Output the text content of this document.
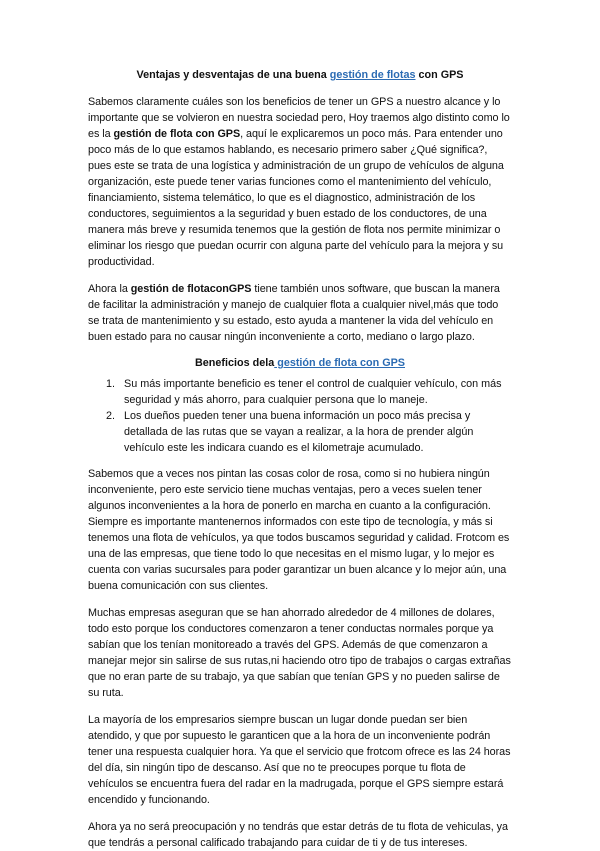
Ventajas y desventajas de una buena gestión de flotas con GPS

Sabemos claramente cuáles son los beneficios de tener un GPS a nuestro alcance y lo importante que se volvieron en nuestra sociedad pero, Hoy traemos algo distinto como lo es la gestión de flota con GPS, aquí le explicaremos un poco más. Para entender uno poco más de lo que estamos hablando, es necesario primero saber ¿Qué significa?, pues este se trata de una logística y administración de un grupo de vehículos de alguna organización, este puede tener varias funciones como el mantenimiento del vehículo, financiamiento, sistema telemático, lo que es el diagnostico, administración de los conductores, seguimientos a la seguridad y buen estado de los conductores, de una manera más breve y resumida tenemos que la gestión de flota nos permite minimizar o eliminar los riesgo que puedan ocurrir con alguna parte del vehículo para la mejora y su productividad.

Ahora la gestión de flotaconGPS tiene también unos software, que buscan la manera de facilitar la administración y manejo de cualquier flota a cualquier nivel,más que todo se trata de mantenimiento y su estado, esto ayuda a mantener la vida del vehículo en buen estado para no causar ningún inconveniente a corto, mediano o largo plazo.

Beneficios dela gestión de flota con GPS
1. Su más importante beneficio es tener el control de cualquier vehículo, con más seguridad y más ahorro, para cualquier persona que lo maneje.
2. Los dueños pueden tener una buena información un poco más precisa y detallada de las rutas que se vayan a realizar, a la hora de prender algún vehículo este les indicara cuando es el kilometraje acumulado.

Sabemos que a veces nos pintan las cosas color de rosa, como si no hubiera ningún inconveniente, pero este servicio tiene muchas ventajas, pero a veces suelen tener algunos inconvenientes a la hora de ponerlo en marcha en cuanto a la configuración. Siempre es importante mantenernos informados con este tipo de tecnología, y más si tenemos una flota de vehículos, ya que todos buscamos seguridad y calidad. Frotcom es una de las empresas, que tiene todo lo que necesitas en el mismo lugar, y lo mejor es cuenta con varias sucursales para poder garantizar un buen alcance y lo mejor aún, una buena comunicación con sus clientes.

Muchas empresas aseguran que se han ahorrado alrededor de 4 millones de dolares, todo esto porque los conductores comenzaron a tener conductas normales porque ya sabían que los tenían monitoreado a través del GPS. Además de que comenzaron a manejar mejor sin salirse de sus rutas,ni haciendo otro tipo de trabajos o cargas extrañas que no eran parte de su trabajo, ya que sabían que tenían GPS y no pueden salirse de su ruta.

La mayoría de los empresarios siempre buscan un lugar donde puedan ser bien atendido, y que por supuesto le garanticen que a la hora de un inconveniente podrán tener una respuesta cualquier hora. Ya que el servicio que frotcom ofrece es las 24 horas del día, sin ningún tipo de descanso. Así que no te preocupes porque tu flota de vehículos se encuentra fuera del radar en la madrugada, porque el GPS siempre estará encendido y funcionando.

Ahora ya no será preocupación y no tendrás que estar detrás de tu flota de vehiculas, ya que tendrás a personal calificado trabajando para cuidar de ti y de tus intereses.
